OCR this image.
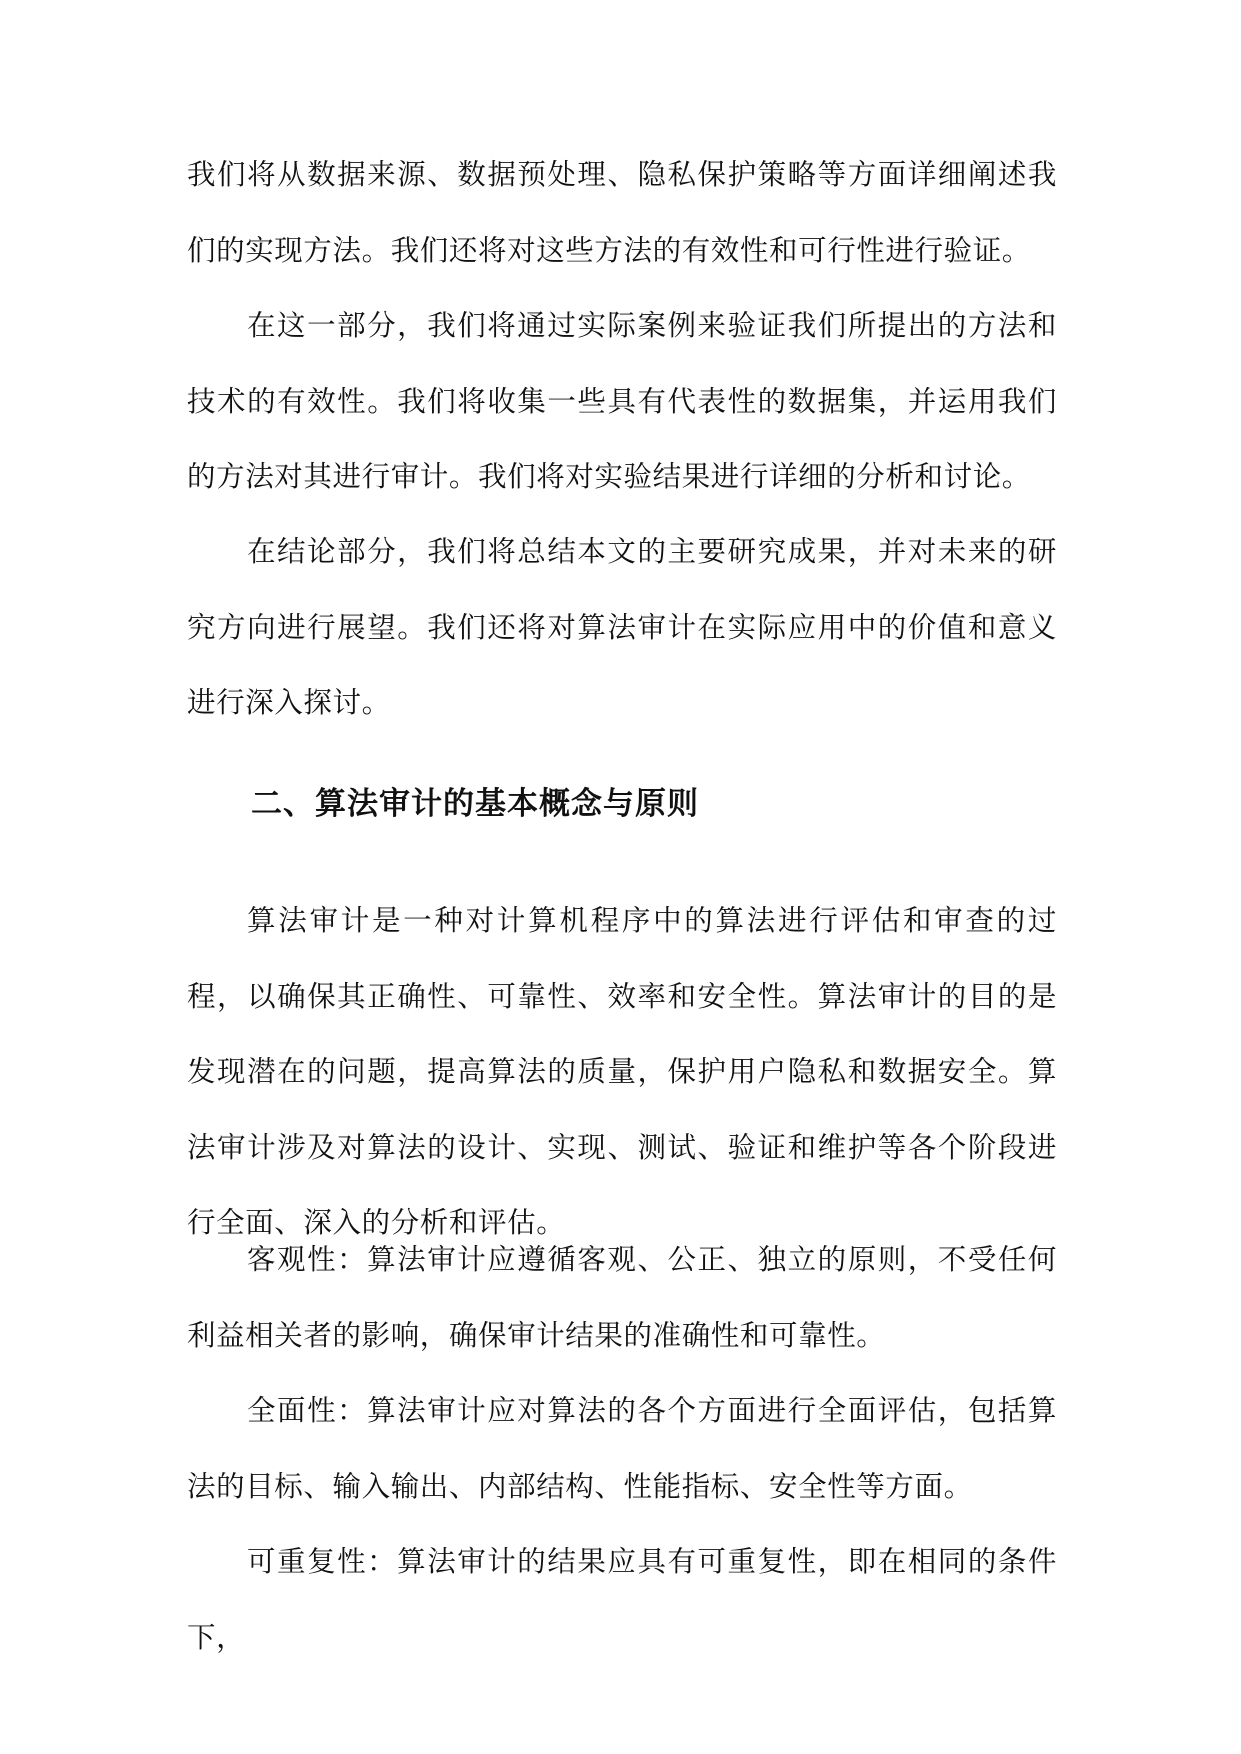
我们将从数据来源、数据预处理、隐私保护策略等方面详细阐述我们的实现方法。我们还将对这些方法的有效性和可行性进行验证。

在这一部分，我们将通过实际案例来验证我们所提出的方法和技术的有效性。我们将收集一些具有代表性的数据集，并运用我们的方法对其进行审计。我们将对实验结果进行详细的分析和讨论。

在结论部分，我们将总结本文的主要研究成果，并对未来的研究方向进行展望。我们还将对算法审计在实际应用中的价值和意义进行深入探讨。

二、算法审计的基本概念与原则

算法审计是一种对计算机程序中的算法进行评估和审查的过程，以确保其正确性、可靠性、效率和安全性。算法审计的目的是发现潜在的问题，提高算法的质量，保护用户隐私和数据安全。算法审计涉及对算法的设计、实现、测试、验证和维护等各个阶段进行全面、深入的分析和评估。

客观性：算法审计应遵循客观、公正、独立的原则，不受任何利益相关者的影响，确保审计结果的准确性和可靠性。

全面性：算法审计应对算法的各个方面进行全面评估，包括算法的目标、输入输出、内部结构、性能指标、安全性等方面。

可重复性：算法审计的结果应具有可重复性，即在相同的条件下，
